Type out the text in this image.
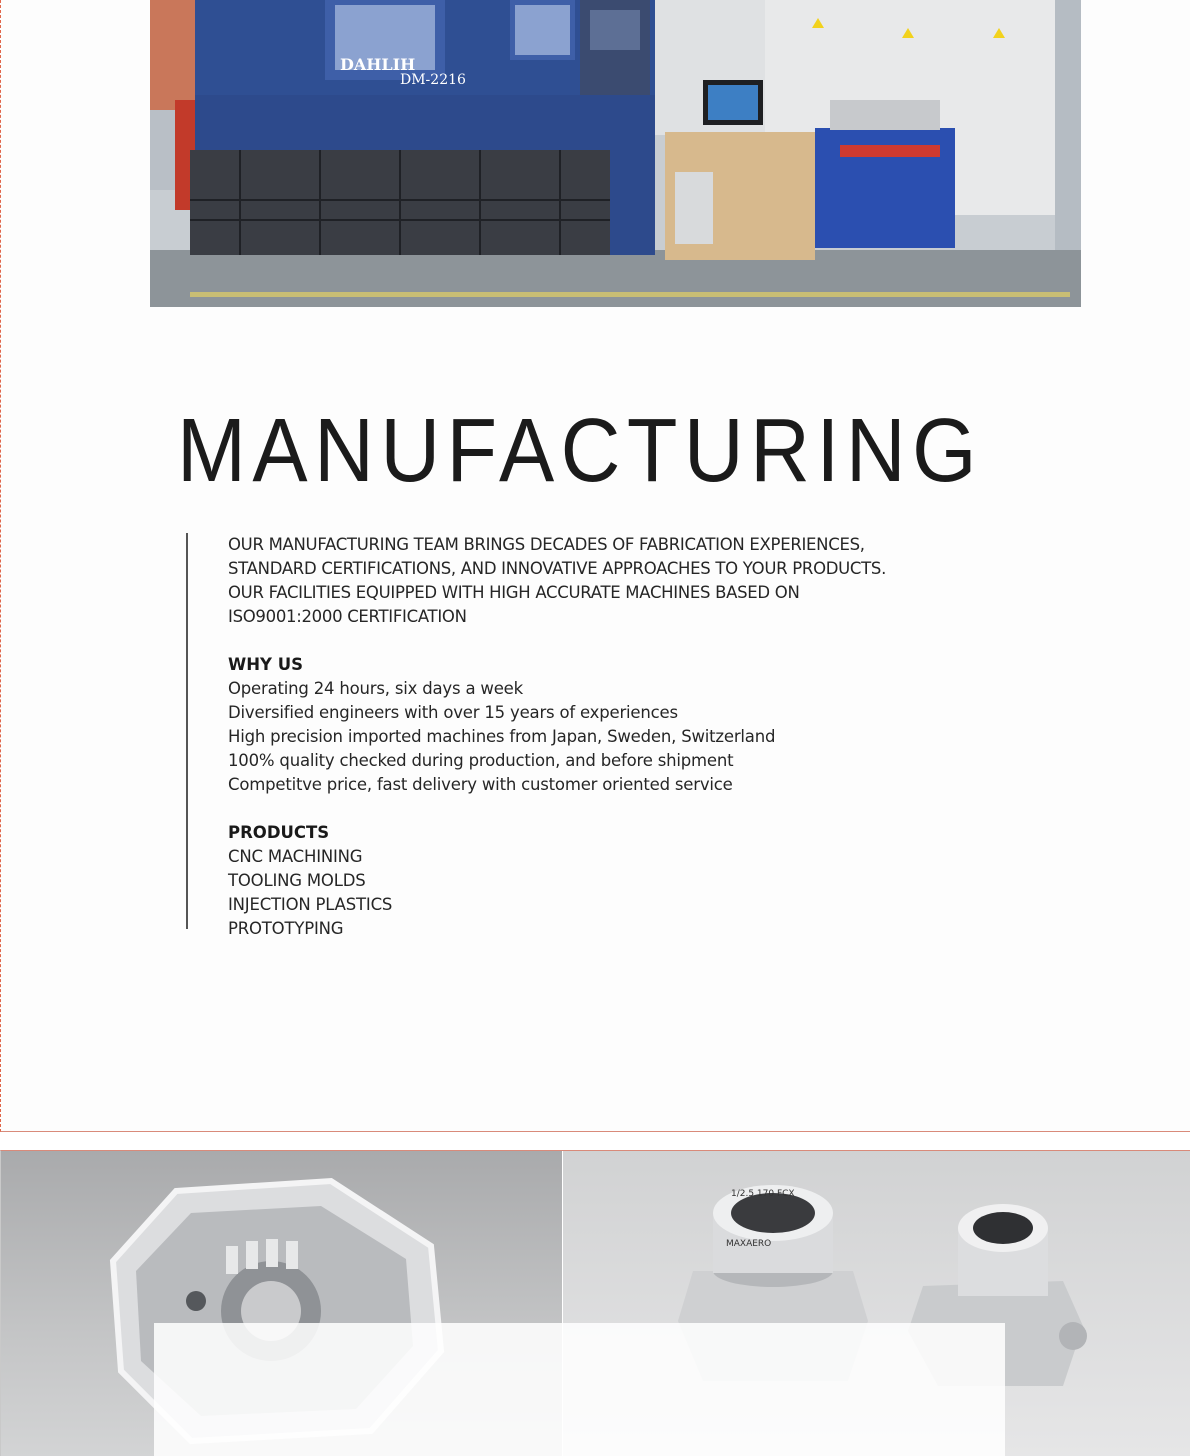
DAHLIH
DM-2216
MANUFACTURING

OUR MANUFACTURING TEAM BRINGS DECADES OF FABRICATION EXPERIENCES,
STANDARD CERTIFICATIONS, AND INNOVATIVE APPROACHES TO YOUR PRODUCTS.
OUR FACILITIES EQUIPPED WITH HIGH ACCURATE MACHINES BASED ON
ISO9001:2000 CERTIFICATION

WHY US
Operating 24 hours, six days a week
Diversified engineers with over 15 years of experiences
High precision imported machines from Japan, Sweden, Switzerland
100% quality checked during production, and before shipment
Competitve price, fast delivery with customer oriented service
PRODUCTS
CNC MACHINING
TOOLING MOLDS
INJECTION PLASTICS
PROTOTYPING
1/2.5 170 FCX
MAXAERO
